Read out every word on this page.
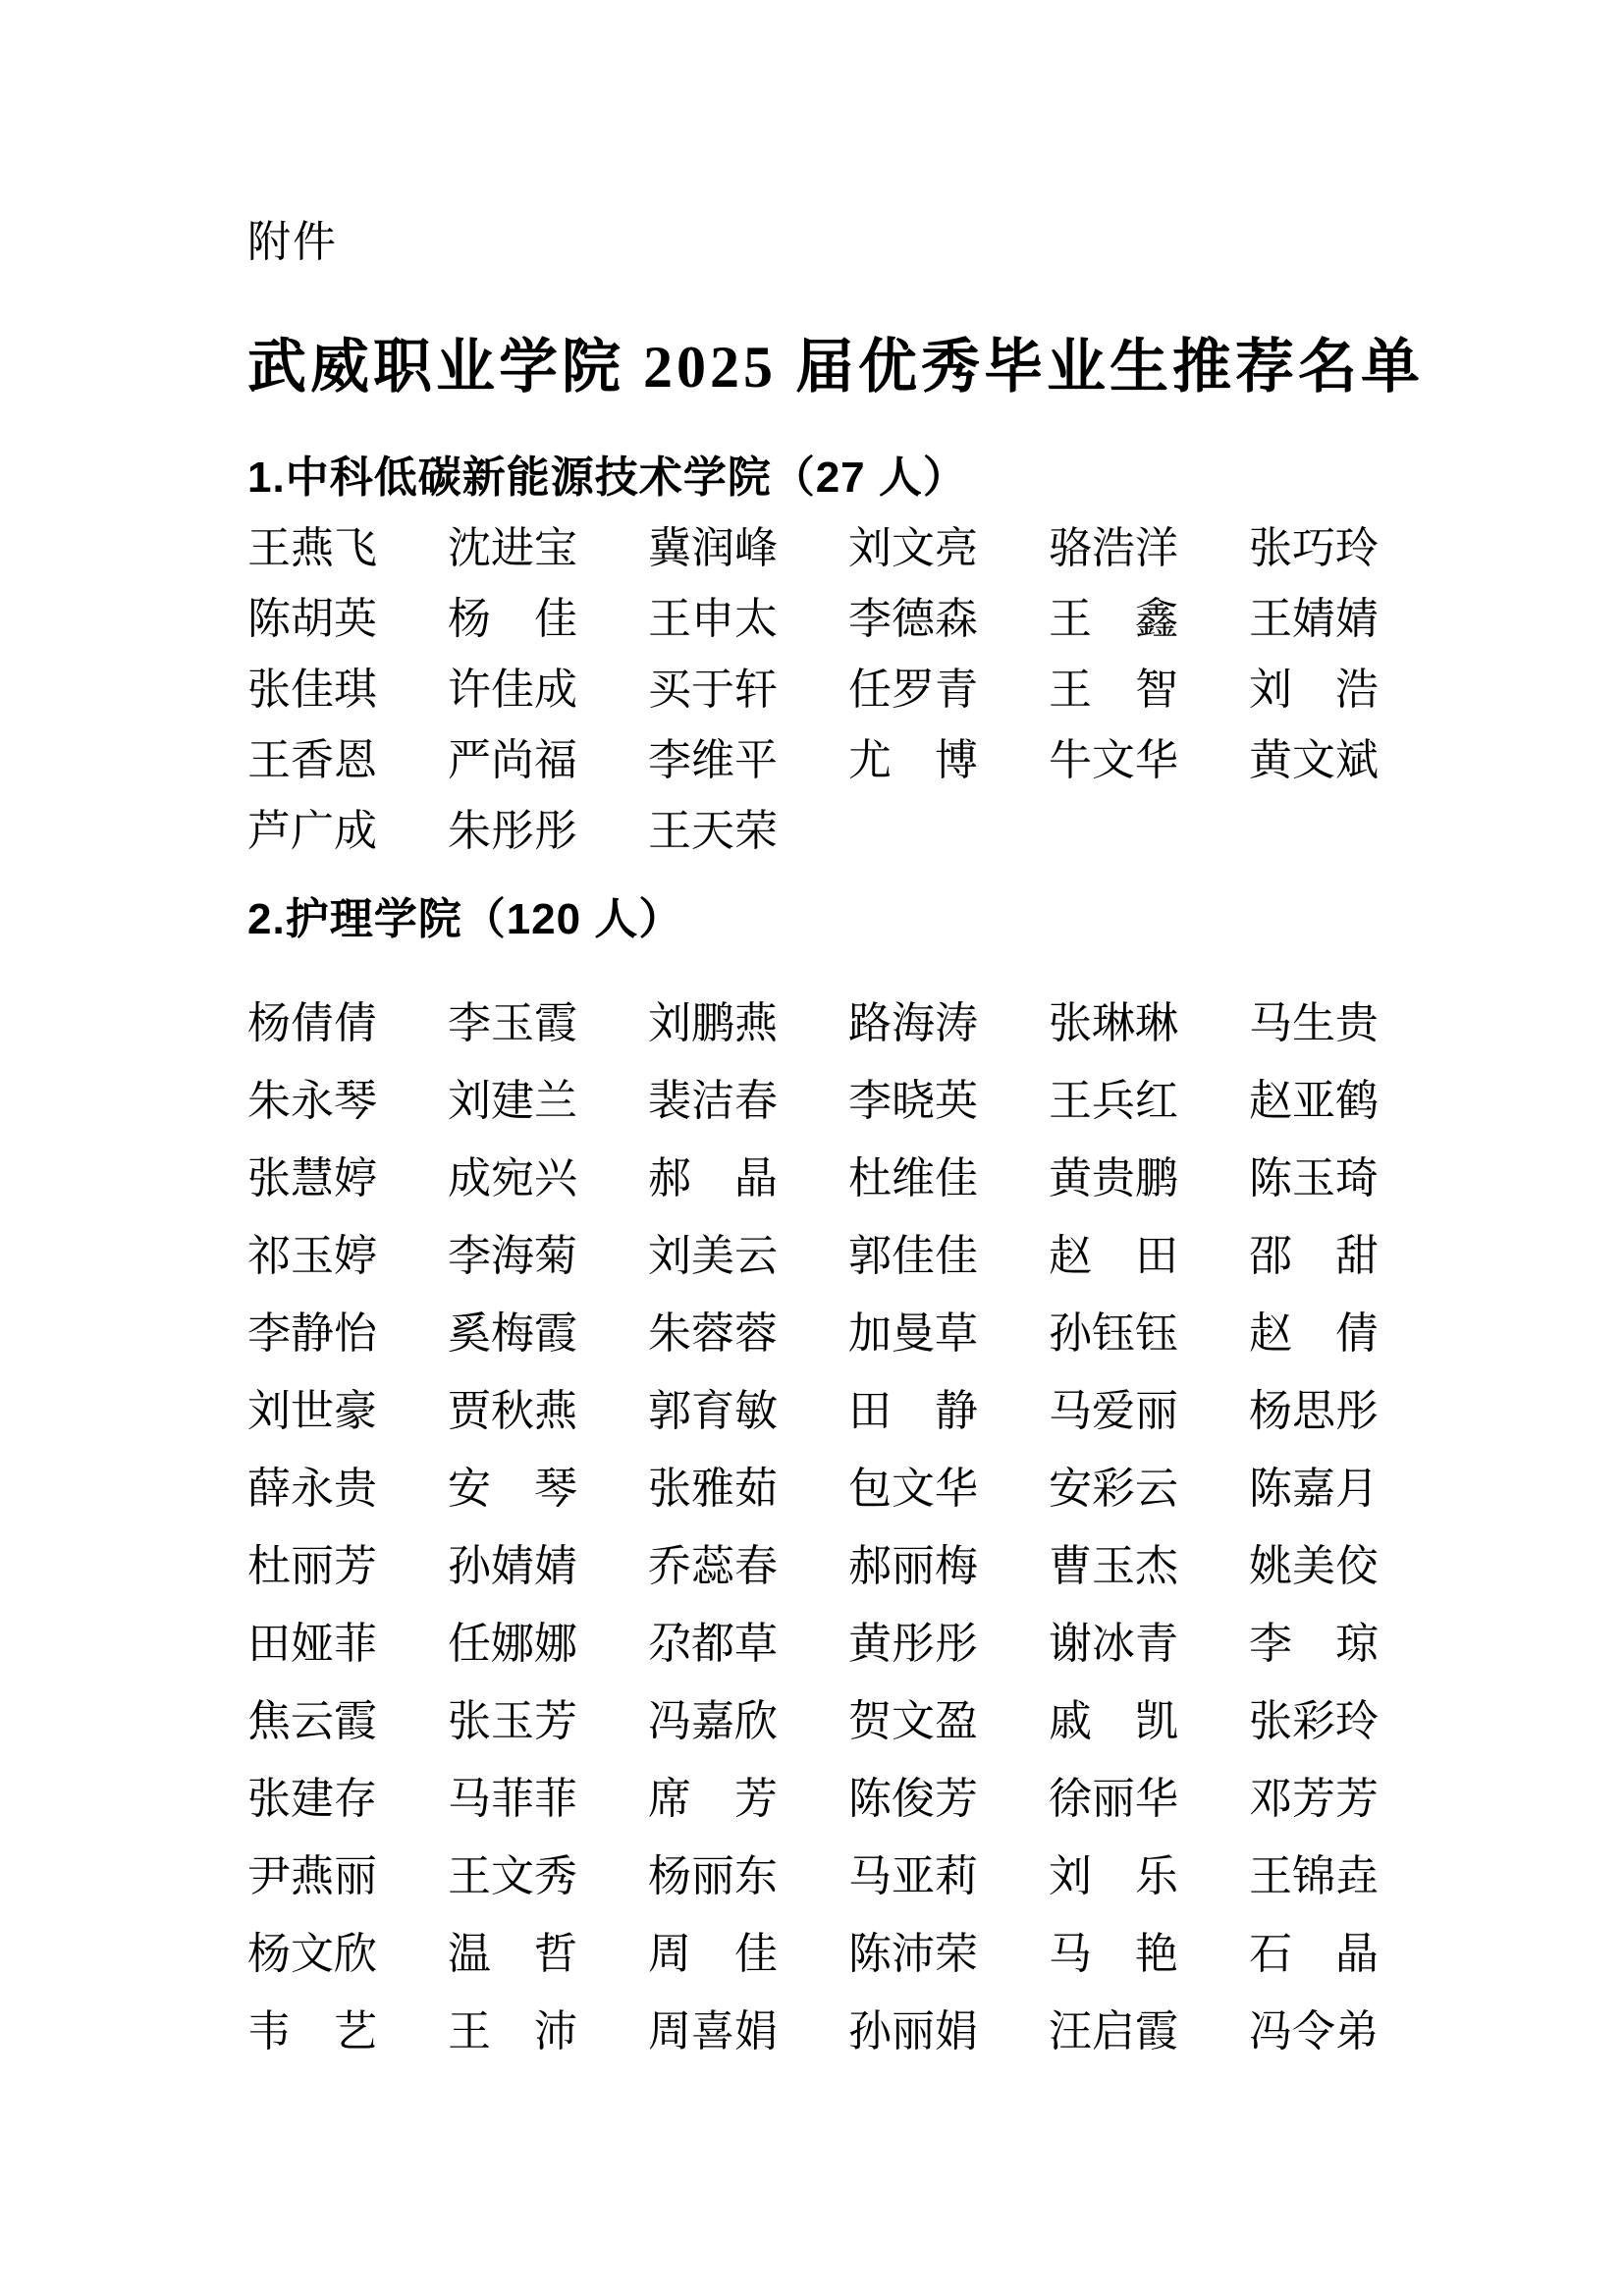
附件
武威职业学院 2025 届优秀毕业生推荐名单
1.中科低碳新能源技术学院（27 人）
王燕飞 沈进宝 冀润峰 刘文亮 骆浩洋 张巧玲
陈胡英 杨　佳 王申太 李德森 王　鑫 王婧婧
张佳琪 许佳成 买于轩 任罗青 王　智 刘　浩
王香恩 严尚福 李维平 尤　博 牛文华 黄文斌
芦广成 朱彤彤 王天荣
2.护理学院（120 人）
杨倩倩 李玉霞 刘鹏燕 路海涛 张琳琳 马生贵
朱永琴 刘建兰 裴洁春 李晓英 王兵红 赵亚鹤
张慧婷 成宛兴 郝　晶 杜维佳 黄贵鹏 陈玉琦
祁玉婷 李海菊 刘美云 郭佳佳 赵　田 邵　甜
李静怡 奚梅霞 朱蓉蓉 加曼草 孙钰钰 赵　倩
刘世豪 贾秋燕 郭育敏 田　静 马爱丽 杨思彤
薛永贵 安　琴 张雅茹 包文华 安彩云 陈嘉月
杜丽芳 孙婧婧 乔蕊春 郝丽梅 曹玉杰 姚美佼
田娅菲 任娜娜 尕都草 黄彤彤 谢冰青 李　琼
焦云霞 张玉芳 冯嘉欣 贺文盈 戚　凯 张彩玲
张建存 马菲菲 席　芳 陈俊芳 徐丽华 邓芳芳
尹燕丽 王文秀 杨丽东 马亚莉 刘　乐 王锦垚
杨文欣 温　哲 周　佳 陈沛荣 马　艳 石　晶
韦　艺 王　沛 周喜娟 孙丽娟 汪启霞 冯令弟
